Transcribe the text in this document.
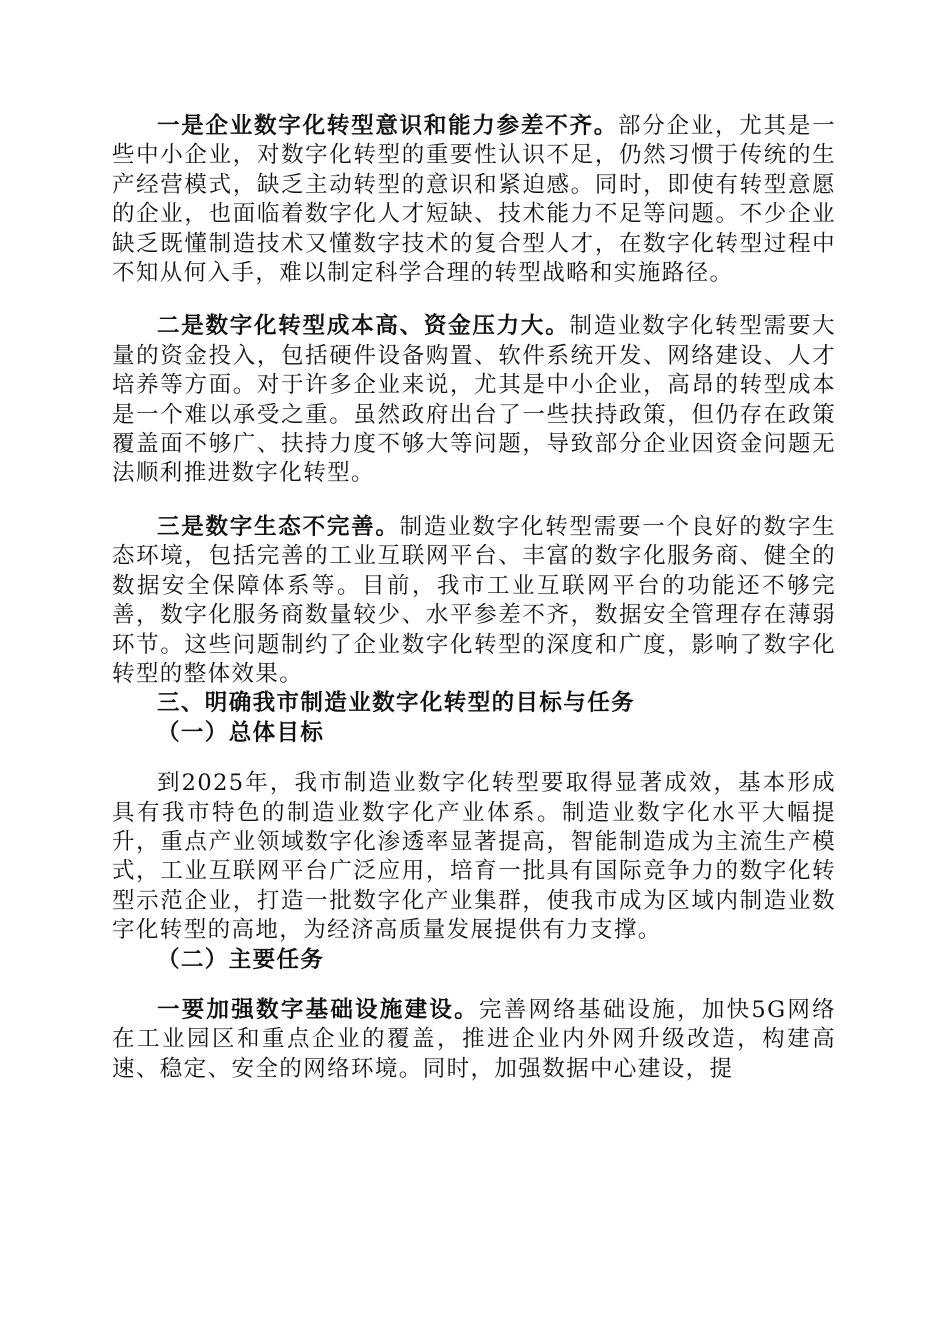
一是企业数字化转型意识和能力参差不齐。部分企业，尤其是一些中小企业，对数字化转型的重要性认识不足，仍然习惯于传统的生产经营模式，缺乏主动转型的意识和紧迫感。同时，即使有转型意愿的企业，也面临着数字化人才短缺、技术能力不足等问题。不少企业缺乏既懂制造技术又懂数字技术的复合型人才，在数字化转型过程中不知从何入手，难以制定科学合理的转型战略和实施路径。

二是数字化转型成本高、资金压力大。制造业数字化转型需要大量的资金投入，包括硬件设备购置、软件系统开发、网络建设、人才培养等方面。对于许多企业来说，尤其是中小企业，高昂的转型成本是一个难以承受之重。虽然政府出台了一些扶持政策，但仍存在政策覆盖面不够广、扶持力度不够大等问题，导致部分企业因资金问题无法顺利推进数字化转型。

三是数字生态不完善。制造业数字化转型需要一个良好的数字生态环境，包括完善的工业互联网平台、丰富的数字化服务商、健全的数据安全保障体系等。目前，我市工业互联网平台的功能还不够完善，数字化服务商数量较少、水平参差不齐，数据安全管理存在薄弱环节。这些问题制约了企业数字化转型的深度和广度，影响了数字化转型的整体效果。

三、明确我市制造业数字化转型的目标与任务

（一）总体目标

到2025年，我市制造业数字化转型要取得显著成效，基本形成具有我市特色的制造业数字化产业体系。制造业数字化水平大幅提升，重点产业领域数字化渗透率显著提高，智能制造成为主流生产模式，工业互联网平台广泛应用，培育一批具有国际竞争力的数字化转型示范企业，打造一批数字化产业集群，使我市成为区域内制造业数字化转型的高地，为经济高质量发展提供有力支撑。

（二）主要任务

一要加强数字基础设施建设。完善网络基础设施，加快5G网络在工业园区和重点企业的覆盖，推进企业内外网升级改造，构建高速、稳定、安全的网络环境。同时，加强数据中心建设，提
